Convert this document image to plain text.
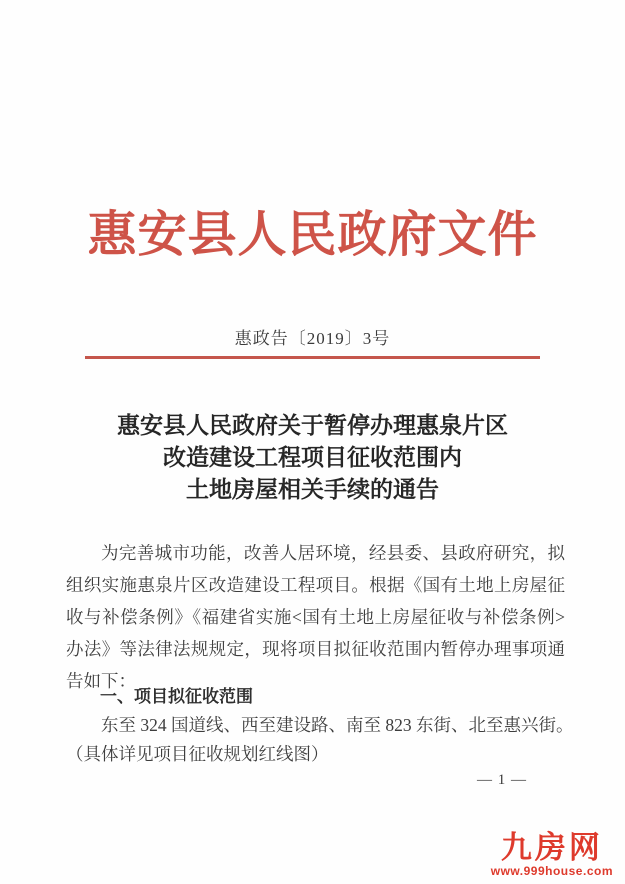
惠安县人民政府文件
惠政告〔2019〕3号
惠安县人民政府关于暂停办理惠泉片区
改造建设工程项目征收范围内
土地房屋相关手续的通告
为完善城市功能，改善人居环境，经县委、县政府研究，拟
组织实施惠泉片区改造建设工程项目。根据《国有土地上房屋征
收与补偿条例》《福建省实施<国有土地上房屋征收与补偿条例>
办法》等法律法规规定，现将项目拟征收范围内暂停办理事项通
告如下：
一、项目拟征收范围
东至 324 国道线、西至建设路、南至 823 东街、北至惠兴街。
（具体详见项目征收规划红线图）
— 1 —
九房网
www.999house.com
